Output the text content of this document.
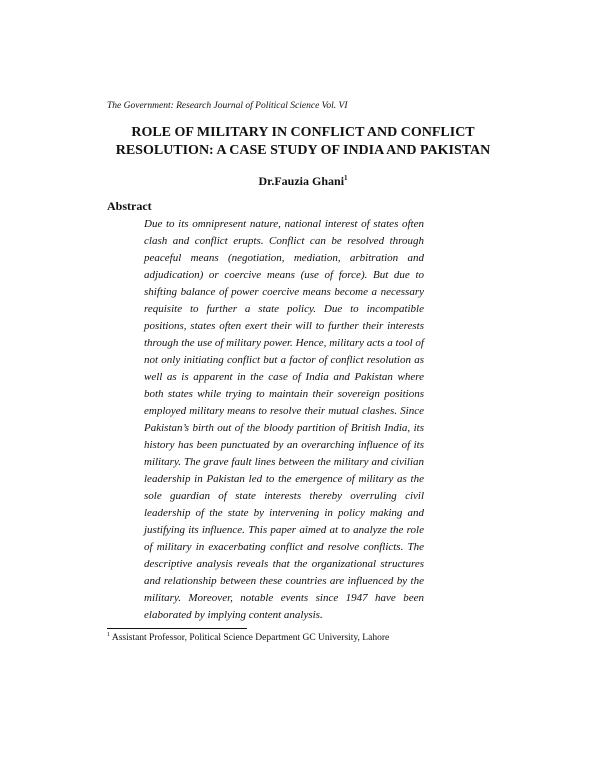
The Government: Research Journal of Political Science Vol. VI
ROLE OF MILITARY IN CONFLICT AND CONFLICT
RESOLUTION: A CASE STUDY OF INDIA AND PAKISTAN
Dr.Fauzia Ghani$^1$
Abstract

Due to its omnipresent nature, national interest of states often clash and conflict erupts. Conflict can be resolved through peaceful means (negotiation, mediation, arbitration and adjudication) or coercive means (use of force). But due to shifting balance of power coercive means become a necessary requisite to further a state policy. Due to incompatible positions, states often exert their will to further their interests through the use of military power. Hence, military acts a tool of not only initiating conflict but a factor of conflict resolution as well as is apparent in the case of India and Pakistan where both states while trying to maintain their sovereign positions employed military means to resolve their mutual clashes. Since Pakistan’s birth out of the bloody partition of British India, its history has been punctuated by an overarching influence of its military. The grave fault lines between the military and civilian leadership in Pakistan led to the emergence of military as the sole guardian of state interests thereby overruling civil leadership of the state by intervening in policy making and justifying its influence. This paper aimed at to analyze the role of military in exacerbating conflict and resolve conflicts. The descriptive analysis reveals that the organizational structures and relationship between these countries are influenced by the military. Moreover, notable events since 1947 have been elaborated by implying content analysis.

$^1$ Assistant Professor, Political Science Department GC University, Lahore
